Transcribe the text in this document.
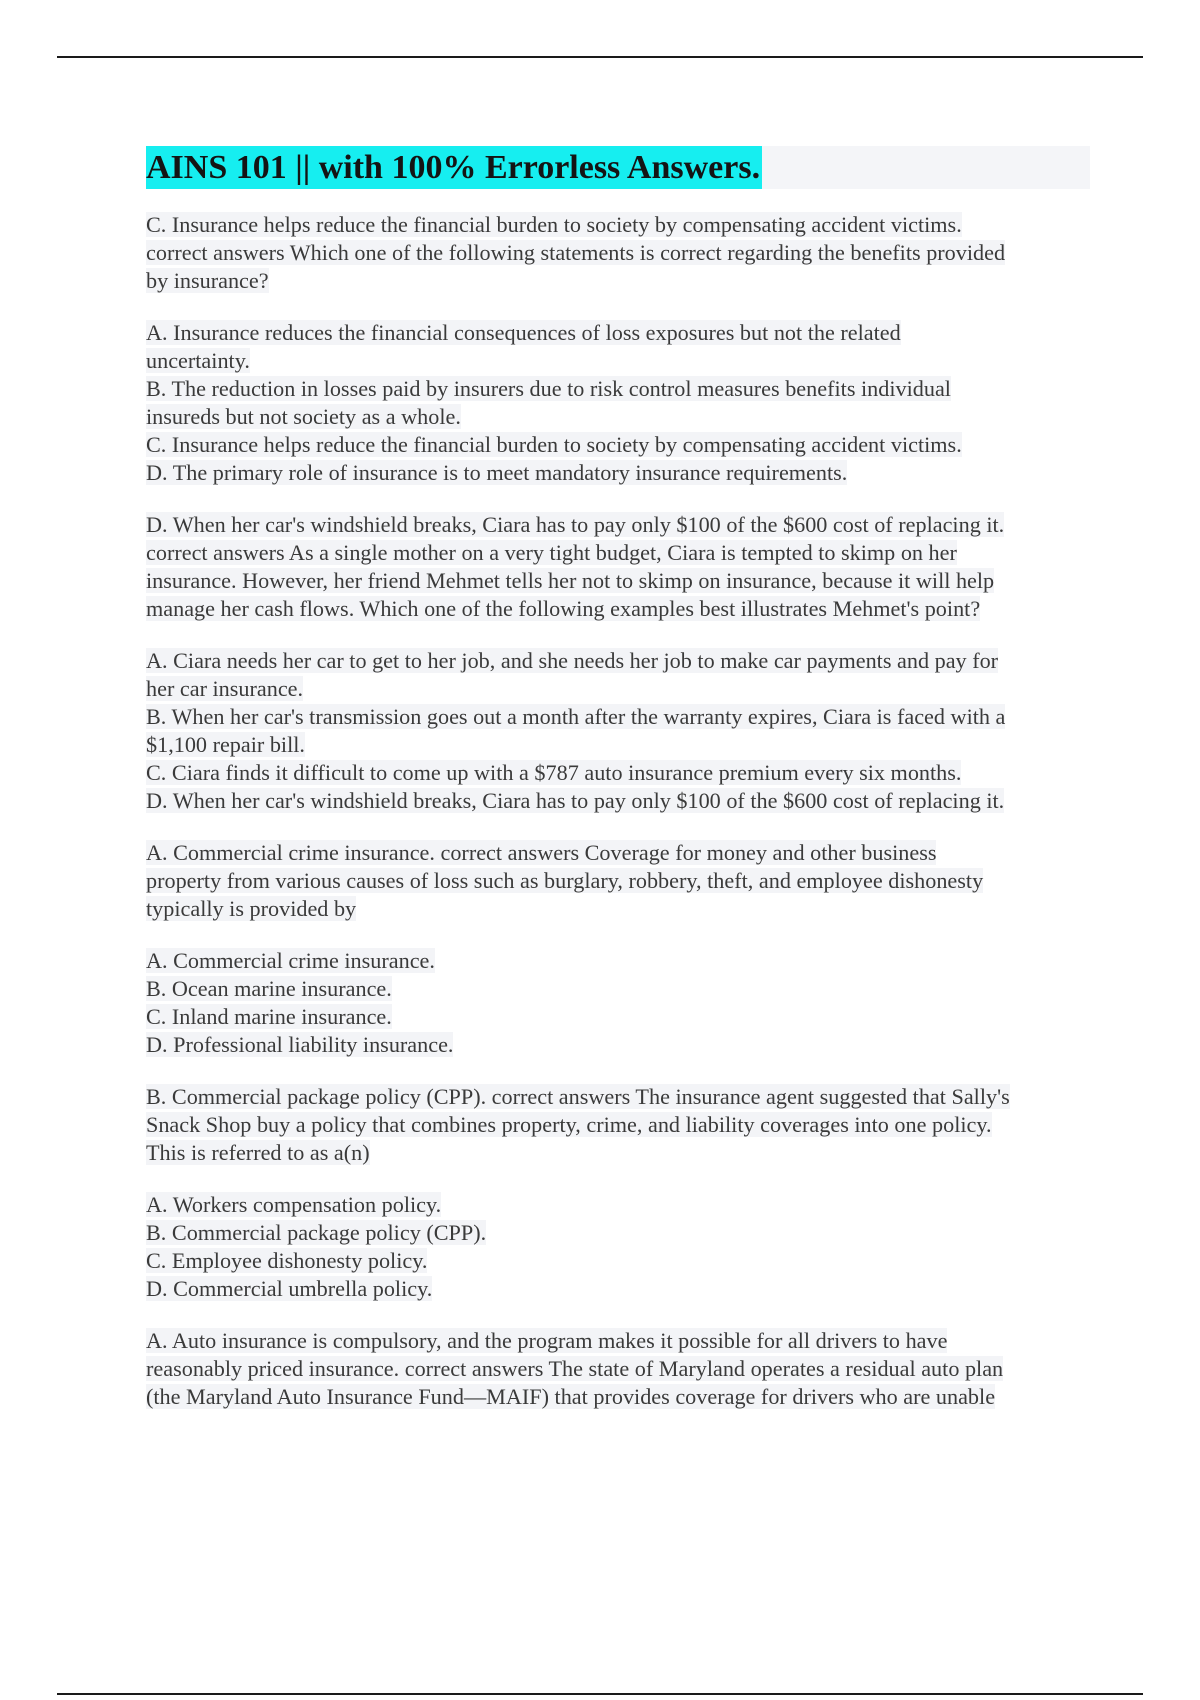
AINS 101 || with 100% Errorless Answers.
C. Insurance helps reduce the financial burden to society by compensating accident victims.
correct answers Which one of the following statements is correct regarding the benefits provided
by insurance?
A. Insurance reduces the financial consequences of loss exposures but not the related
uncertainty.
B. The reduction in losses paid by insurers due to risk control measures benefits individual
insureds but not society as a whole.
C. Insurance helps reduce the financial burden to society by compensating accident victims.
D. The primary role of insurance is to meet mandatory insurance requirements.
D. When her car's windshield breaks, Ciara has to pay only $100 of the $600 cost of replacing it.
correct answers As a single mother on a very tight budget, Ciara is tempted to skimp on her
insurance. However, her friend Mehmet tells her not to skimp on insurance, because it will help
manage her cash flows. Which one of the following examples best illustrates Mehmet's point?
A. Ciara needs her car to get to her job, and she needs her job to make car payments and pay for
her car insurance.
B. When her car's transmission goes out a month after the warranty expires, Ciara is faced with a
$1,100 repair bill.
C. Ciara finds it difficult to come up with a $787 auto insurance premium every six months.
D. When her car's windshield breaks, Ciara has to pay only $100 of the $600 cost of replacing it.
A. Commercial crime insurance. correct answers Coverage for money and other business
property from various causes of loss such as burglary, robbery, theft, and employee dishonesty
typically is provided by
A. Commercial crime insurance.
B. Ocean marine insurance.
C. Inland marine insurance.
D. Professional liability insurance.
B. Commercial package policy (CPP). correct answers The insurance agent suggested that Sally's
Snack Shop buy a policy that combines property, crime, and liability coverages into one policy.
This is referred to as a(n)
A. Workers compensation policy.
B. Commercial package policy (CPP).
C. Employee dishonesty policy.
D. Commercial umbrella policy.
A. Auto insurance is compulsory, and the program makes it possible for all drivers to have
reasonably priced insurance. correct answers The state of Maryland operates a residual auto plan
(the Maryland Auto Insurance Fund—MAIF) that provides coverage for drivers who are unable
